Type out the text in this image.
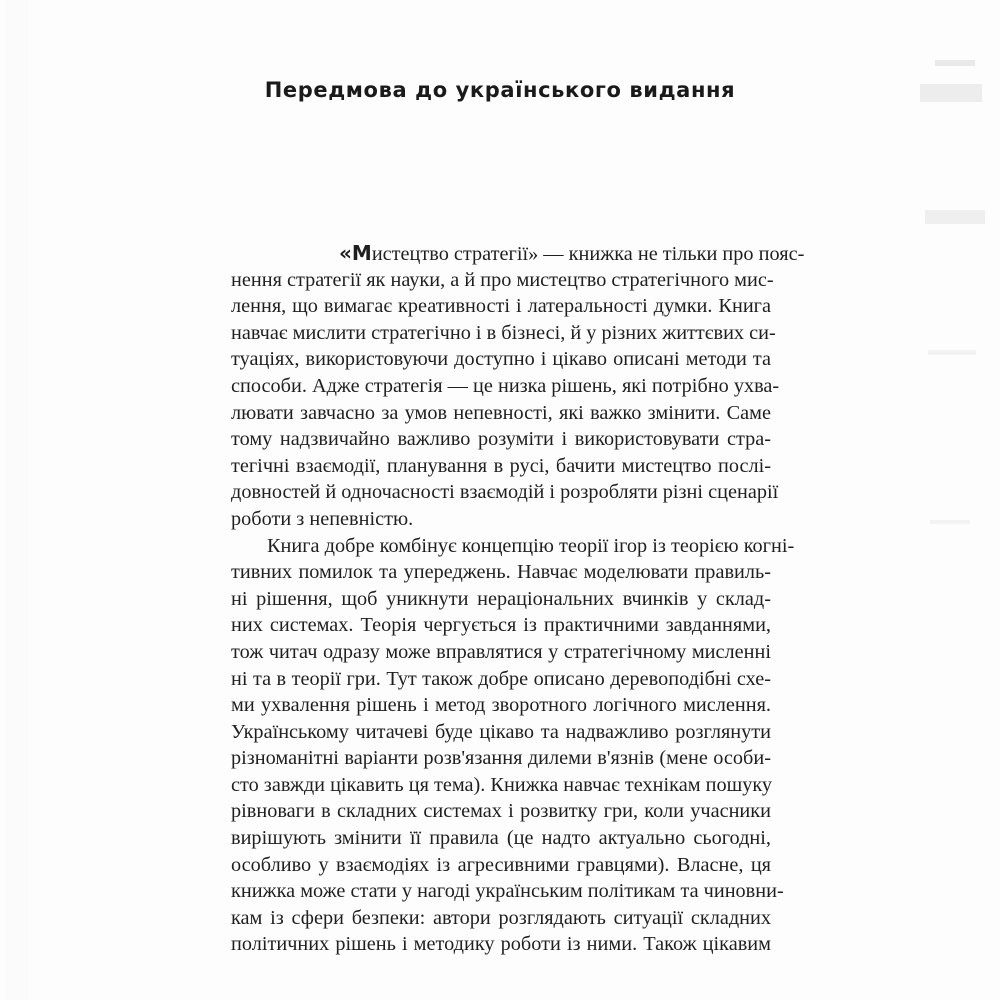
Передмова до українського видання
«Мистецтво стратегії» — книжка не тільки про пояс-
нення стратегії як науки, а й про мистецтво стратегічного мис-
лення, що вимагає креативності і латеральності думки. Книга
навчає мислити стратегічно і в бізнесі, й у різних життєвих си-
туаціях, використовуючи доступно і цікаво описані методи та
способи. Адже стратегія — це низка рішень, які потрібно ухва-
лювати завчасно за умов непевності, які важко змінити. Саме
тому надзвичайно важливо розуміти і використовувати стра-
тегічні взаємодії, планування в русі, бачити мистецтво послі-
довностей й одночасності взаємодій і розробляти різні сценарії
роботи з непевністю.
Книга добре комбінує концепцію теорії ігор із теорією когні-
тивних помилок та упереджень. Навчає моделювати правиль-
ні рішення, щоб уникнути нераціональних вчинків у склад-
них системах. Теорія чергується із практичними завданнями,
тож читач одразу може вправлятися у стратегічному мисленні
ні та в теорії гри. Тут також добре описано деревоподібні схе-
ми ухвалення рішень і метод зворотного логічного мислення.
Українському читачеві буде цікаво та надважливо розглянути
різноманітні варіанти розв'язання дилеми в'язнів (мене особи-
сто завжди цікавить ця тема). Книжка навчає технікам пошуку
рівноваги в складних системах і розвитку гри, коли учасники
вирішують змінити її правила (це надто актуально сьогодні,
особливо у взаємодіях із агресивними гравцями). Власне, ця
книжка може стати у нагоді українським політикам та чиновни-
кам із сфери безпеки: автори розглядають ситуації складних
політичних рішень і методику роботи із ними. Також цікавим
